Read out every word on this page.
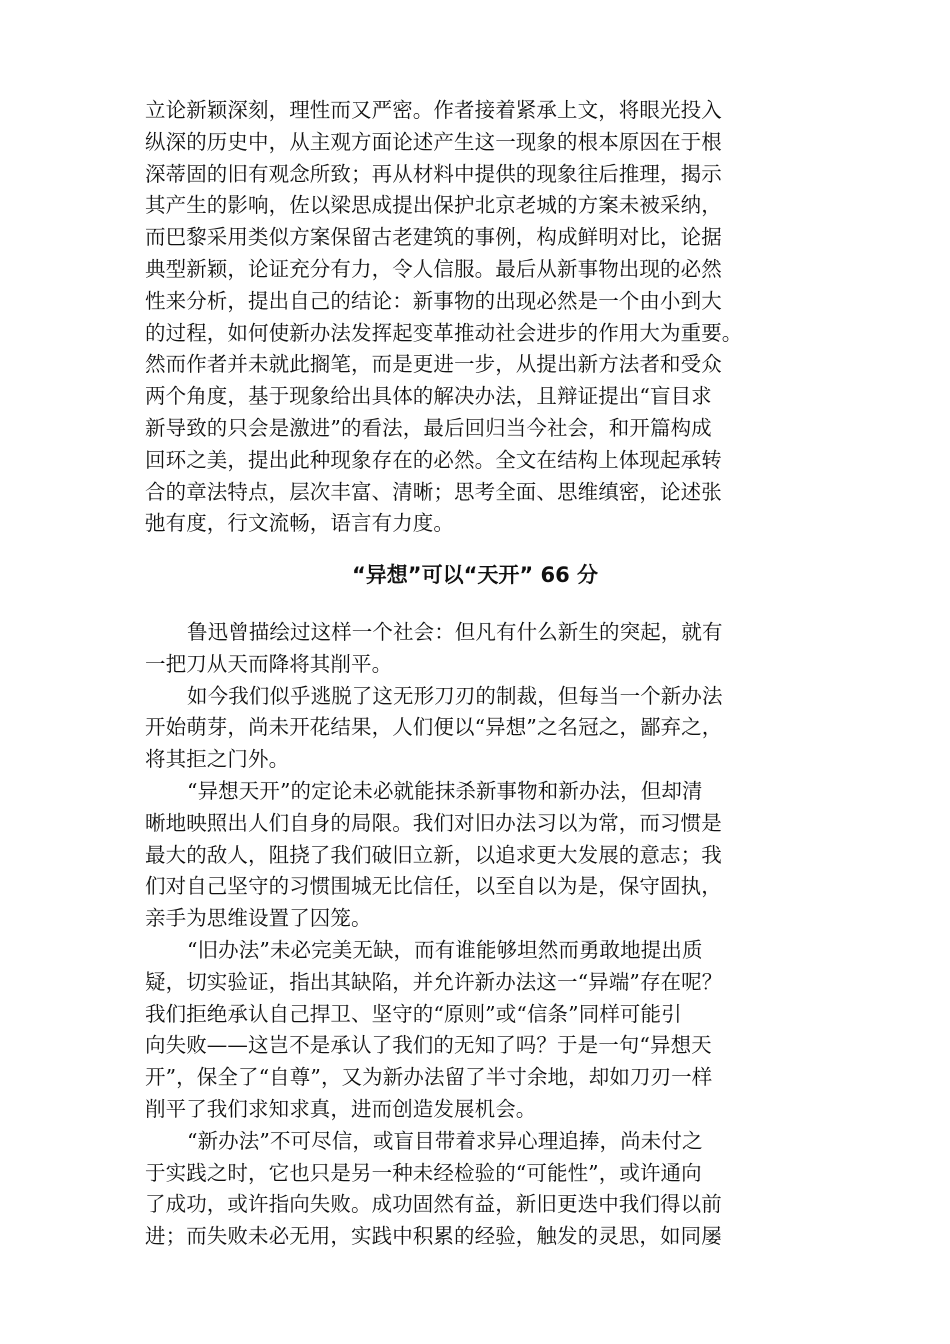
立论新颖深刻，理性而又严密。作者接着紧承上文，将眼光投入
纵深的历史中，从主观方面论述产生这一现象的根本原因在于根
深蒂固的旧有观念所致；再从材料中提供的现象往后推理，揭示
其产生的影响，佐以梁思成提出保护北京老城的方案未被采纳，
而巴黎采用类似方案保留古老建筑的事例，构成鲜明对比，论据
典型新颖，论证充分有力，令人信服。最后从新事物出现的必然
性来分析，提出自己的结论：新事物的出现必然是一个由小到大
的过程，如何使新办法发挥起变革推动社会进步的作用大为重要。
然而作者并未就此搁笔，而是更进一步，从提出新方法者和受众
两个角度，基于现象给出具体的解决办法，且辩证提出“盲目求
新导致的只会是激进”的看法，最后回归当今社会，和开篇构成
回环之美，提出此种现象存在的必然。全文在结构上体现起承转
合的章法特点，层次丰富、清晰；思考全面、思维缜密，论述张
弛有度，行文流畅，语言有力度。
“异想”可以“天开” 66 分
鲁迅曾描绘过这样一个社会：但凡有什么新生的突起，就有
一把刀从天而降将其削平。
如今我们似乎逃脱了这无形刀刃的制裁，但每当一个新办法
开始萌芽，尚未开花结果，人们便以“异想”之名冠之，鄙弃之，
将其拒之门外。
“异想天开”的定论未必就能抹杀新事物和新办法，但却清
晰地映照出人们自身的局限。我们对旧办法习以为常，而习惯是
最大的敌人，阻挠了我们破旧立新，以追求更大发展的意志；我
们对自己坚守的习惯围城无比信任，以至自以为是，保守固执，
亲手为思维设置了囚笼。
“旧办法”未必完美无缺，而有谁能够坦然而勇敢地提出质
疑，切实验证，指出其缺陷，并允许新办法这一“异端”存在呢？
我们拒绝承认自己捍卫、坚守的“原则”或“信条”同样可能引
向失败——这岂不是承认了我们的无知了吗？于是一句“异想天
开”，保全了“自尊”，又为新办法留了半寸余地，却如刀刃一样
削平了我们求知求真，进而创造发展机会。
“新办法”不可尽信，或盲目带着求异心理追捧，尚未付之
于实践之时，它也只是另一种未经检验的“可能性”，或许通向
了成功，或许指向失败。成功固然有益，新旧更迭中我们得以前
进；而失败未必无用，实践中积累的经验，触发的灵思，如同屡
